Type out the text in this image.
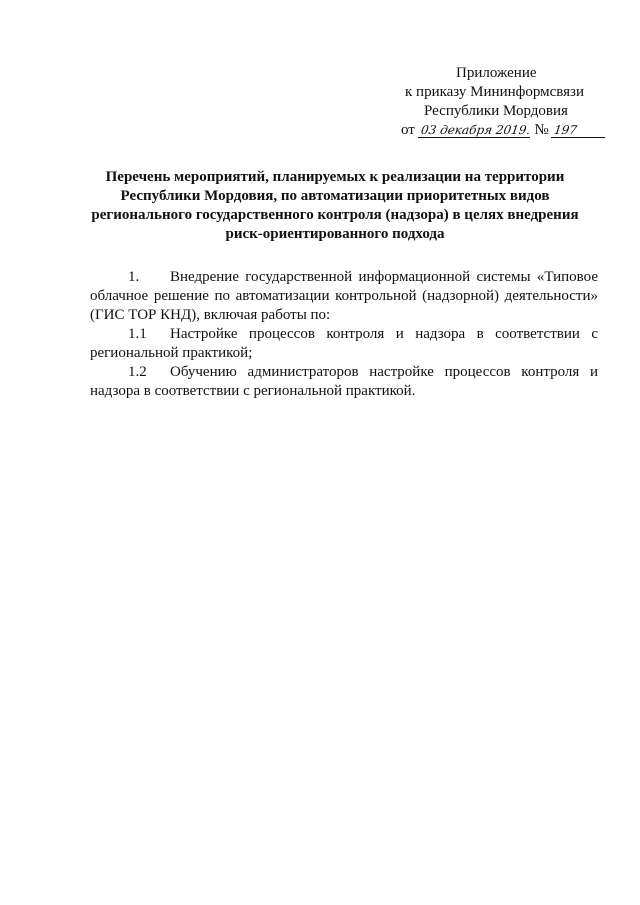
Приложение
к приказу Мининформсвязи
Республики Мордовия
от 03 декабря 2019. № 197
Перечень мероприятий, планируемых к реализации на территории
Республики Мордовия, по автоматизации приоритетных видов
регионального государственного контроля (надзора) в целях внедрения
риск-ориентированного подхода
1.	Внедрение государственной информационной системы «Типовое
облачное решение по автоматизации контрольной (надзорной) деятельности»
(ГИС ТОР КНД), включая работы по:
1.1	Настройке процессов контроля и надзора в соответствии с
региональной практикой;
1.2	Обучению администраторов настройке процессов контроля и
надзора в соответствии с региональной практикой.
